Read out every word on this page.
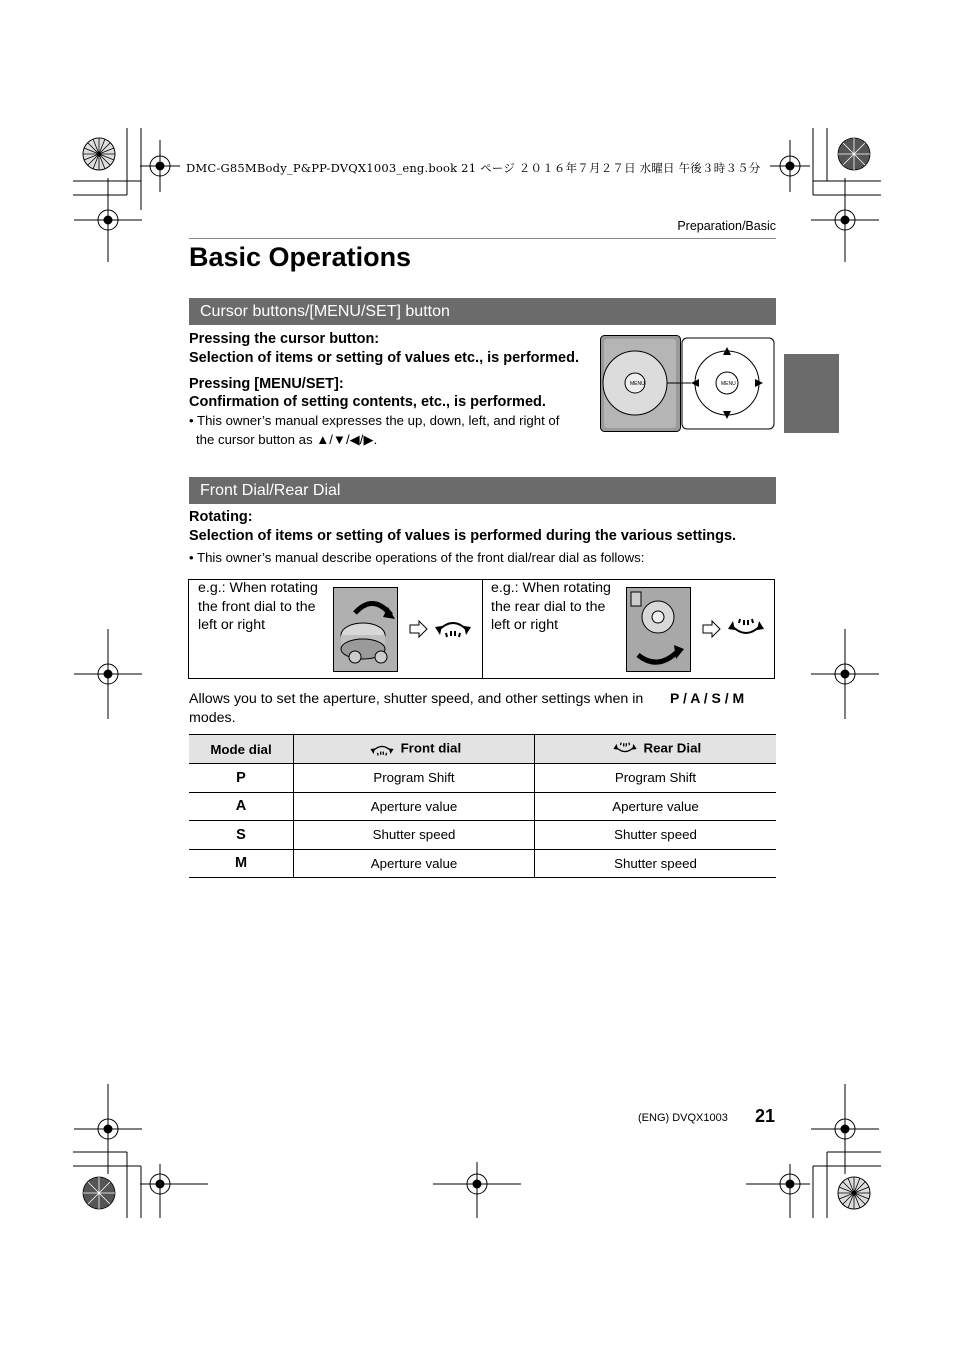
DMC-G85MBody_P&PP-DVQX1003_eng.book 21 ページ ２０１６年７月２７日 水曜日 午後３時３５分
Preparation/Basic
Basic Operations
Cursor buttons/[MENU/SET] button
Pressing the cursor button:
Selection of items or setting of values etc., is performed.
Pressing [MENU/SET]:
Confirmation of setting contents, etc., is performed.
• This owner’s manual expresses the up, down, left, and right of
the cursor button as ▲/▼/◀/▶.
MENU	MENU
Front Dial/Rear Dial
Rotating:
Selection of items or setting of values is performed during the various settings.
• This owner’s manual describe operations of the front dial/rear dial as follows:
e.g.: When rotating
the front dial to the
left or right
e.g.: When rotating
the rear dial to the
left or right
Allows you to set the aperture, shutter speed, and other settings when in
modes.
P / A / S / M
Mode dial	Front dial	Rear Dial
P	Program Shift	Program Shift
A	Aperture value	Aperture value
S	Shutter speed	Shutter speed
M	Aperture value	Shutter speed
(ENG) DVQX1003 21
